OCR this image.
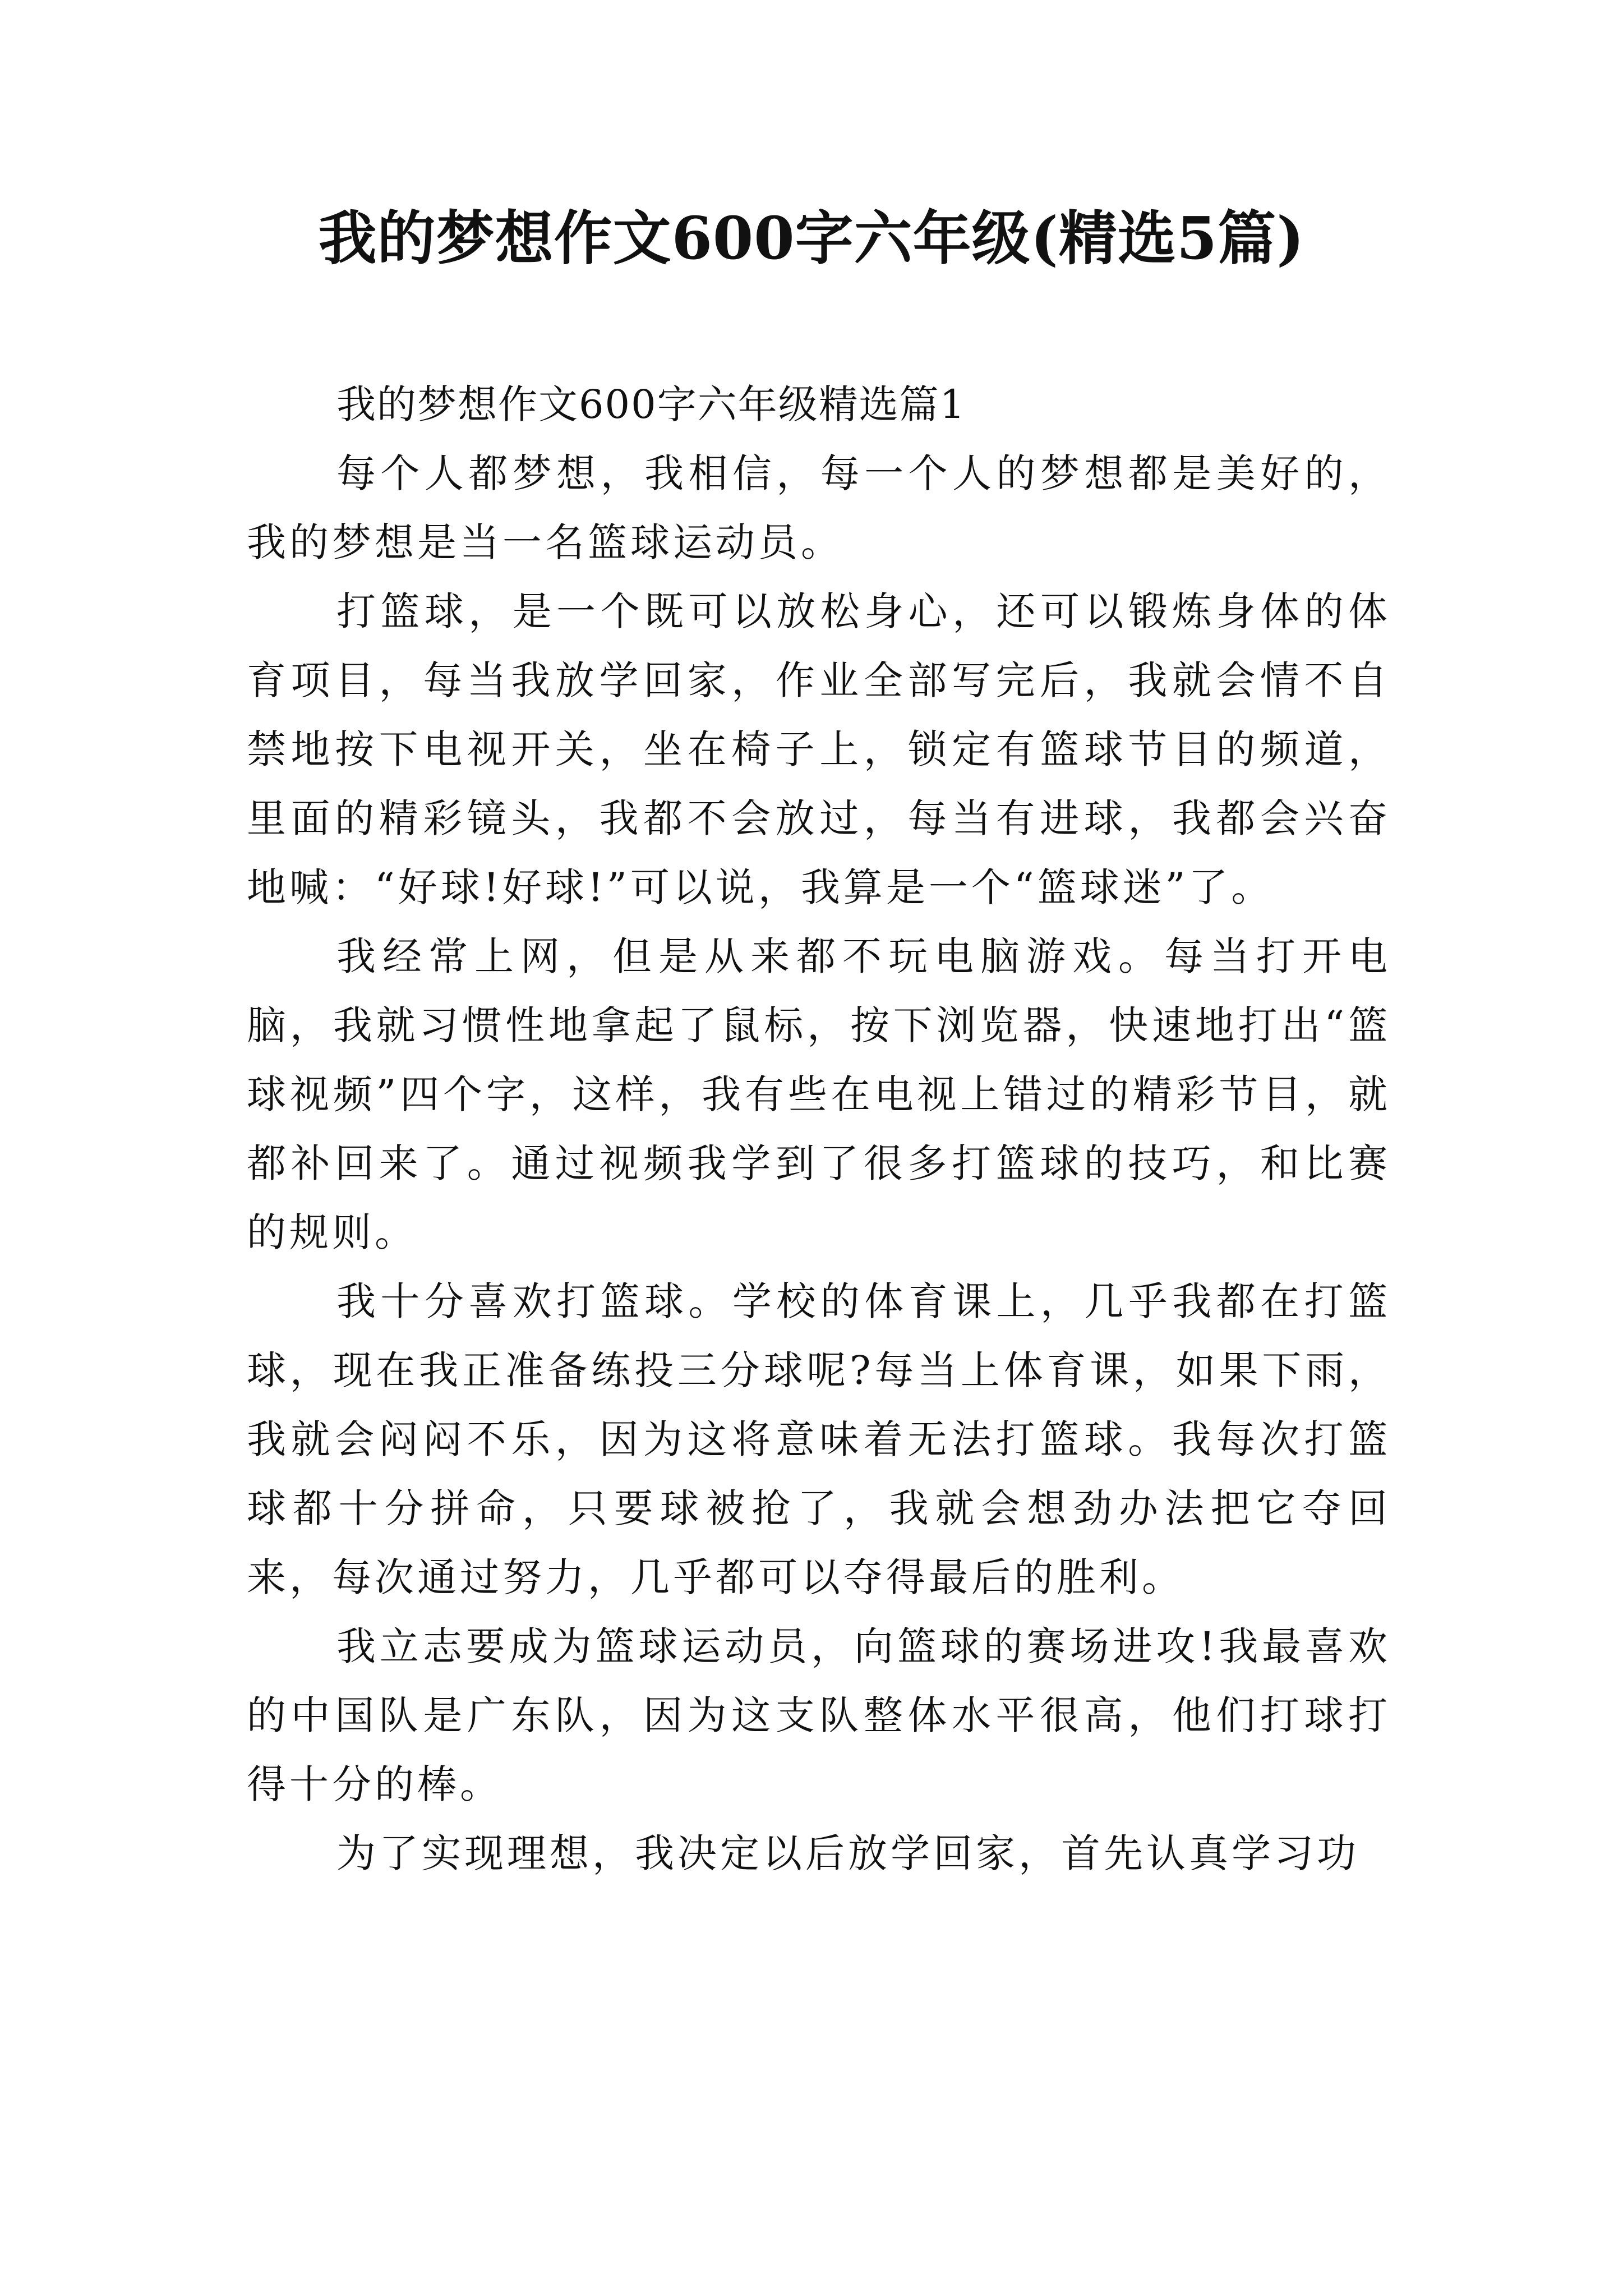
我的梦想作文600字六年级(精选5篇)
我的梦想作文600字六年级精选篇1

每个人都梦想，我相信，每一个人的梦想都是美好的，我的梦想是当一名篮球运动员。

打篮球，是一个既可以放松身心，还可以锻炼身体的体育项目，每当我放学回家，作业全部写完后，我就会情不自禁地按下电视开关，坐在椅子上，锁定有篮球节目的频道，里面的精彩镜头，我都不会放过，每当有进球，我都会兴奋地喊：“好球!好球!”可以说，我算是一个“篮球迷”了。

我经常上网，但是从来都不玩电脑游戏。每当打开电脑，我就习惯性地拿起了鼠标，按下浏览器，快速地打出“篮球视频”四个字，这样，我有些在电视上错过的精彩节目，就都补回来了。通过视频我学到了很多打篮球的技巧，和比赛的规则。

我十分喜欢打篮球。学校的体育课上，几乎我都在打篮球，现在我正准备练投三分球呢?每当上体育课，如果下雨，我就会闷闷不乐，因为这将意味着无法打篮球。我每次打篮球都十分拼命，只要球被抢了，我就会想劲办法把它夺回来，每次通过努力，几乎都可以夺得最后的胜利。

我立志要成为篮球运动员，向篮球的赛场进攻!我最喜欢的中国队是广东队，因为这支队整体水平很高，他们打球打得十分的棒。

为了实现理想，我决定以后放学回家，首先认真学习功
